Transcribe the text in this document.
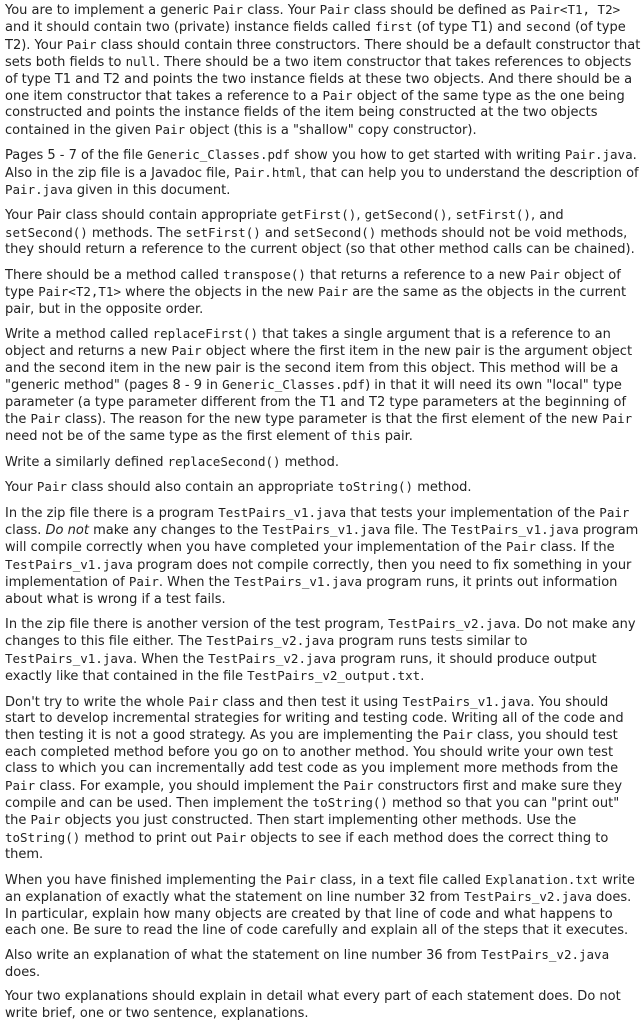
You are to implement a generic Pair class. Your Pair class should be defined as Pair<T1, T2> and it should contain two (private) instance fields called first (of type T1) and second (of type T2). Your Pair class should contain three constructors. There should be a default constructor that sets both fields to null. There should be a two item constructor that takes references to objects of type T1 and T2 and points the two instance fields at these two objects. And there should be a one item constructor that takes a reference to a Pair object of the same type as the one being constructed and points the instance fields of the item being constructed at the two objects contained in the given Pair object (this is a "shallow" copy constructor).

Pages 5 - 7 of the file Generic_Classes.pdf show you how to get started with writing Pair.java. Also in the zip file is a Javadoc file, Pair.html, that can help you to understand the description of Pair.java given in this document.

Your Pair class should contain appropriate getFirst(), getSecond(), setFirst(), and setSecond() methods. The setFirst() and setSecond() methods should not be void methods, they should return a reference to the current object (so that other method calls can be chained).

There should be a method called transpose() that returns a reference to a new Pair object of type Pair<T2,T1> where the objects in the new Pair are the same as the objects in the current pair, but in the opposite order.

Write a method called replaceFirst() that takes a single argument that is a reference to an object and returns a new Pair object where the first item in the new pair is the argument object and the second item in the new pair is the second item from this object. This method will be a "generic method" (pages 8 - 9 in Generic_Classes.pdf) in that it will need its own "local" type parameter (a type parameter different from the T1 and T2 type parameters at the beginning of the Pair class). The reason for the new type parameter is that the first element of the new Pair need not be of the same type as the first element of this pair.

Write a similarly defined replaceSecond() method.

Your Pair class should also contain an appropriate toString() method.

In the zip file there is a program TestPairs_v1.java that tests your implementation of the Pair class. Do not make any changes to the TestPairs_v1.java file. The TestPairs_v1.java program will compile correctly when you have completed your implementation of the Pair class. If the TestPairs_v1.java program does not compile correctly, then you need to fix something in your implementation of Pair. When the TestPairs_v1.java program runs, it prints out information about what is wrong if a test fails.

In the zip file there is another version of the test program, TestPairs_v2.java. Do not make any changes to this file either. The TestPairs_v2.java program runs tests similar to TestPairs_v1.java. When the TestPairs_v2.java program runs, it should produce output exactly like that contained in the file TestPairs_v2_output.txt.

Don't try to write the whole Pair class and then test it using TestPairs_v1.java. You should start to develop incremental strategies for writing and testing code. Writing all of the code and then testing it is not a good strategy. As you are implementing the Pair class, you should test each completed method before you go on to another method. You should write your own test class to which you can incrementally add test code as you implement more methods from the Pair class. For example, you should implement the Pair constructors first and make sure they compile and can be used. Then implement the toString() method so that you can "print out" the Pair objects you just constructed. Then start implementing other methods. Use the toString() method to print out Pair objects to see if each method does the correct thing to them.

When you have finished implementing the Pair class, in a text file called Explanation.txt write an explanation of exactly what the statement on line number 32 from TestPairs_v2.java does. In particular, explain how many objects are created by that line of code and what happens to each one. Be sure to read the line of code carefully and explain all of the steps that it executes.

Also write an explanation of what the statement on line number 36 from TestPairs_v2.java does.

Your two explanations should explain in detail what every part of each statement does. Do not write brief, one or two sentence, explanations.
